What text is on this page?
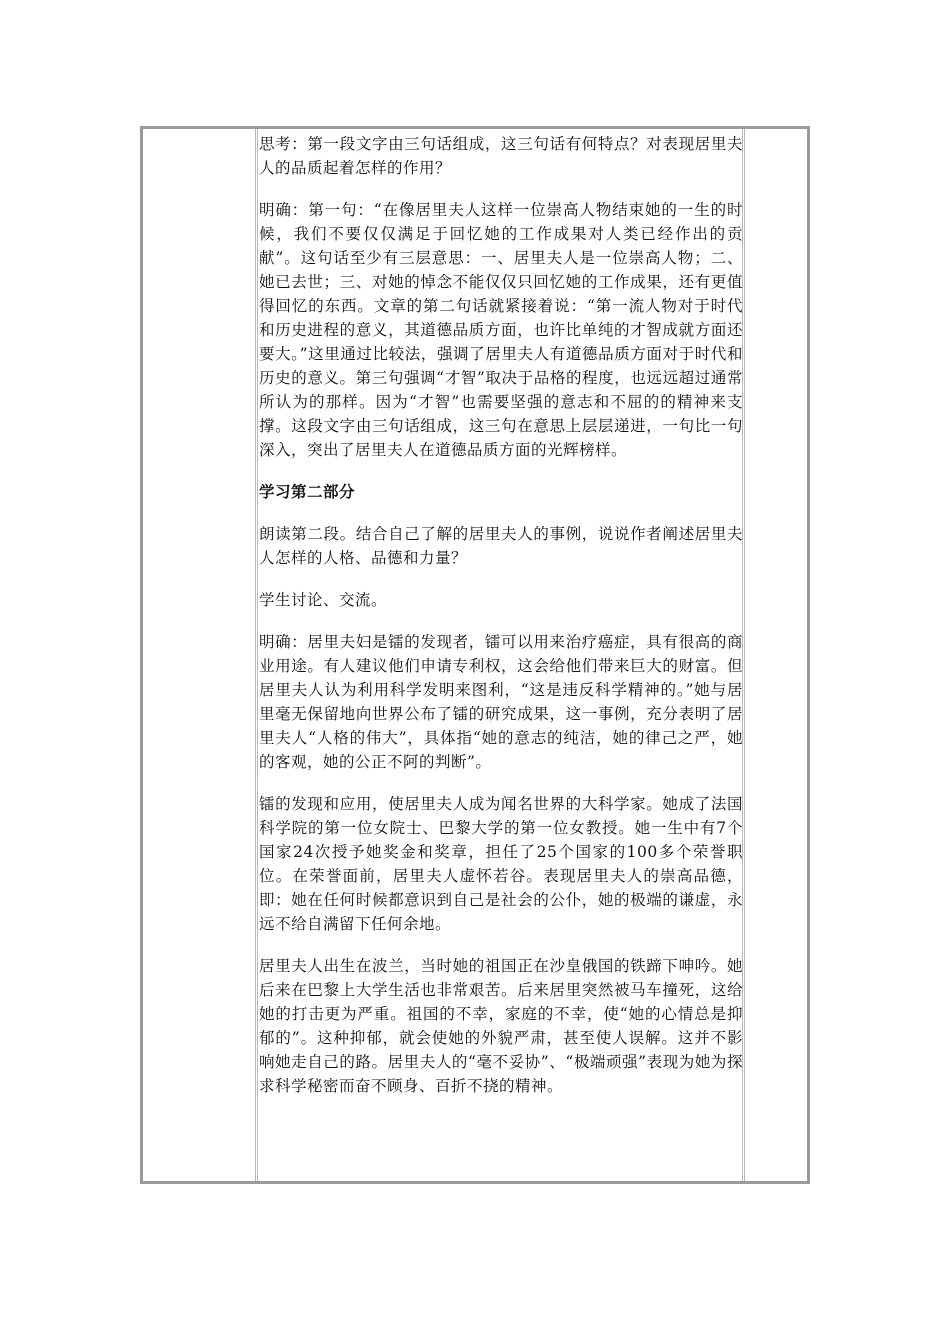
思考：第一段文字由三句话组成，这三句话有何特点？对表现居里夫人的品质起着怎样的作用？

明确：第一句：“在像居里夫人这样一位崇高人物结束她的一生的时候，我们不要仅仅满足于回忆她的工作成果对人类已经作出的贡献”。这句话至少有三层意思：一、居里夫人是一位崇高人物；二、她已去世；三、对她的悼念不能仅仅只回忆她的工作成果，还有更值得回忆的东西。文章的第二句话就紧接着说：“第一流人物对于时代和历史进程的意义，其道德品质方面，也许比单纯的才智成就方面还要大。”这里通过比较法，强调了居里夫人有道德品质方面对于时代和历史的意义。第三句强调“才智”取决于品格的程度，也远远超过通常所认为的那样。因为“才智”也需要坚强的意志和不屈的的精神来支撑。这段文字由三句话组成，这三句在意思上层层递进，一句比一句深入，突出了居里夫人在道德品质方面的光辉榜样。

学习第二部分

朗读第二段。结合自己了解的居里夫人的事例，说说作者阐述居里夫人怎样的人格、品德和力量？

学生讨论、交流。

明确：居里夫妇是镭的发现者，镭可以用来治疗癌症，具有很高的商业用途。有人建议他们申请专利权，这会给他们带来巨大的财富。但居里夫人认为利用科学发明来图利，“这是违反科学精神的。”她与居里毫无保留地向世界公布了镭的研究成果，这一事例，充分表明了居里夫人“人格的伟大”，具体指“她的意志的纯洁，她的律己之严，她的客观，她的公正不阿的判断”。

镭的发现和应用，使居里夫人成为闻名世界的大科学家。她成了法国科学院的第一位女院士、巴黎大学的第一位女教授。她一生中有7个国家24次授予她奖金和奖章，担任了25个国家的100多个荣誉职位。在荣誉面前，居里夫人虚怀若谷。表现居里夫人的崇高品德，即：她在任何时候都意识到自己是社会的公仆，她的极端的谦虚，永远不给自满留下任何余地。

居里夫人出生在波兰，当时她的祖国正在沙皇俄国的铁蹄下呻吟。她后来在巴黎上大学生活也非常艰苦。后来居里突然被马车撞死，这给她的打击更为严重。祖国的不幸，家庭的不幸，使“她的心情总是抑郁的”。这种抑郁，就会使她的外貌严肃，甚至使人误解。这并不影响她走自己的路。居里夫人的“毫不妥协”、“极端顽强”表现为她为探求科学秘密而奋不顾身、百折不挠的精神。
